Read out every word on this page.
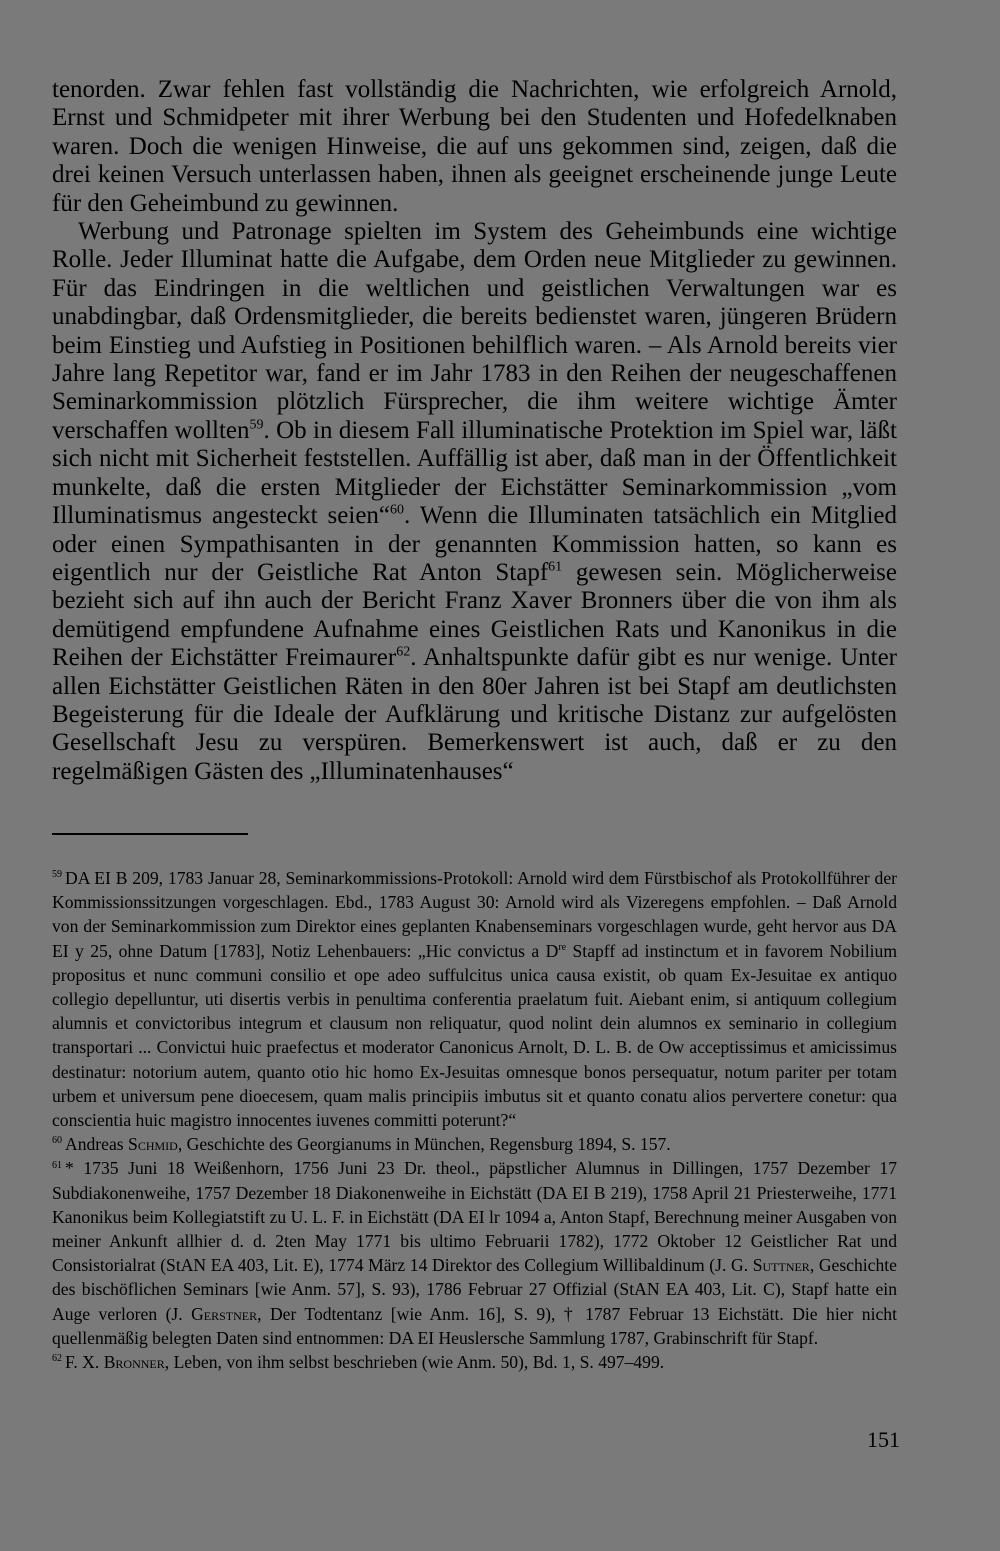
tenorden. Zwar fehlen fast vollständig die Nachrichten, wie erfolgreich Arnold, Ernst und Schmidpeter mit ihrer Werbung bei den Studenten und Hofedelknaben waren. Doch die wenigen Hinweise, die auf uns gekommen sind, zeigen, daß die drei keinen Versuch unterlassen haben, ihnen als geeignet erscheinende junge Leute für den Geheimbund zu gewinnen.

Werbung und Patronage spielten im System des Geheimbunds eine wichtige Rolle. Jeder Illuminat hatte die Aufgabe, dem Orden neue Mitglieder zu gewinnen. Für das Eindringen in die weltlichen und geistlichen Verwaltungen war es unabdingbar, daß Ordensmitglieder, die bereits bedienstet waren, jüngeren Brüdern beim Einstieg und Aufstieg in Positionen behilflich waren. – Als Arnold bereits vier Jahre lang Repetitor war, fand er im Jahr 1783 in den Reihen der neugeschaffenen Seminarkommission plötzlich Fürsprecher, die ihm weitere wichtige Ämter verschaffen wollten$^{59}$. Ob in diesem Fall illuminatische Protektion im Spiel war, läßt sich nicht mit Sicherheit feststellen. Auffällig ist aber, daß man in der Öffentlichkeit munkelte, daß die ersten Mitglieder der Eichstätter Seminarkommission „vom Illuminatismus angesteckt seien“$^{60}$. Wenn die Illuminaten tatsächlich ein Mitglied oder einen Sympathisanten in der genannten Kommission hatten, so kann es eigentlich nur der Geistliche Rat Anton Stapf$^{61}$ gewesen sein. Möglicherweise bezieht sich auf ihn auch der Bericht Franz Xaver Bronners über die von ihm als demütigend empfundene Aufnahme eines Geistlichen Rats und Kanonikus in die Reihen der Eichstätter Freimaurer$^{62}$. Anhaltspunkte dafür gibt es nur wenige. Unter allen Eichstätter Geistlichen Räten in den 80er Jahren ist bei Stapf am deutlichsten Begeisterung für die Ideale der Aufklärung und kritische Distanz zur aufgelösten Gesellschaft Jesu zu verspüren. Bemerkenswert ist auch, daß er zu den regelmäßigen Gästen des „Illuminatenhauses“

$^{59}$ DA EI B 209, 1783 Januar 28, Seminarkommissions-Protokoll: Arnold wird dem Fürstbischof als Protokollführer der Kommissionssitzungen vorgeschlagen. Ebd., 1783 August 30: Arnold wird als Vizeregens empfohlen. – Daß Arnold von der Seminarkommission zum Direktor eines geplanten Knabenseminars vorgeschlagen wurde, geht hervor aus DA EI y 25, ohne Datum [1783], Notiz Lehenbauers: „Hic convictus a Dre Stapff ad instinctum et in favorem Nobilium propositus et nunc communi consilio et ope adeo suffulcitus unica causa existit, ob quam Ex-Jesuitae ex antiquo collegio depelluntur, uti disertis verbis in penultima conferentia praelatum fuit. Aiebant enim, si antiquum collegium alumnis et convictoribus integrum et clausum non reliquatur, quod nolint dein alumnos ex seminario in collegium transportari ... Convictui huic praefectus et moderator Canonicus Arnolt, D. L. B. de Ow acceptissimus et amicissimus destinatur: notorium autem, quanto otio hic homo Ex-Jesuitas omnesque bonos persequatur, notum pariter per totam urbem et universum pene dioecesem, quam malis principiis imbutus sit et quanto conatu alios pervertere conetur: qua conscientia huic magistro innocentes iuvenes committi poterunt?“

$^{60}$ Andreas Schmid, Geschichte des Georgianums in München, Regensburg 1894, S. 157.

$^{61}$ * 1735 Juni 18 Weißenhorn, 1756 Juni 23 Dr. theol., päpstlicher Alumnus in Dillingen, 1757 Dezember 17 Subdiakonenweihe, 1757 Dezember 18 Diakonenweihe in Eichstätt (DA EI B 219), 1758 April 21 Priesterweihe, 1771 Kanonikus beim Kollegiatstift zu U. L. F. in Eichstätt (DA EI lr 1094 a, Anton Stapf, Berechnung meiner Ausgaben von meiner Ankunft allhier d. d. 2ten May 1771 bis ultimo Februarii 1782), 1772 Oktober 12 Geistlicher Rat und Consistorialrat (StAN EA 403, Lit. E), 1774 März 14 Direktor des Collegium Willibaldinum (J. G. Suttner, Geschichte des bischöflichen Seminars [wie Anm. 57], S. 93), 1786 Februar 27 Offizial (StAN EA 403, Lit. C), Stapf hatte ein Auge verloren (J. Gerstner, Der Todtentanz [wie Anm. 16], S. 9), † 1787 Februar 13 Eichstätt. Die hier nicht quellenmäßig belegten Daten sind entnommen: DA EI Heuslersche Sammlung 1787, Grabinschrift für Stapf.

$^{62}$ F. X. Bronner, Leben, von ihm selbst beschrieben (wie Anm. 50), Bd. 1, S. 497–499.

151
